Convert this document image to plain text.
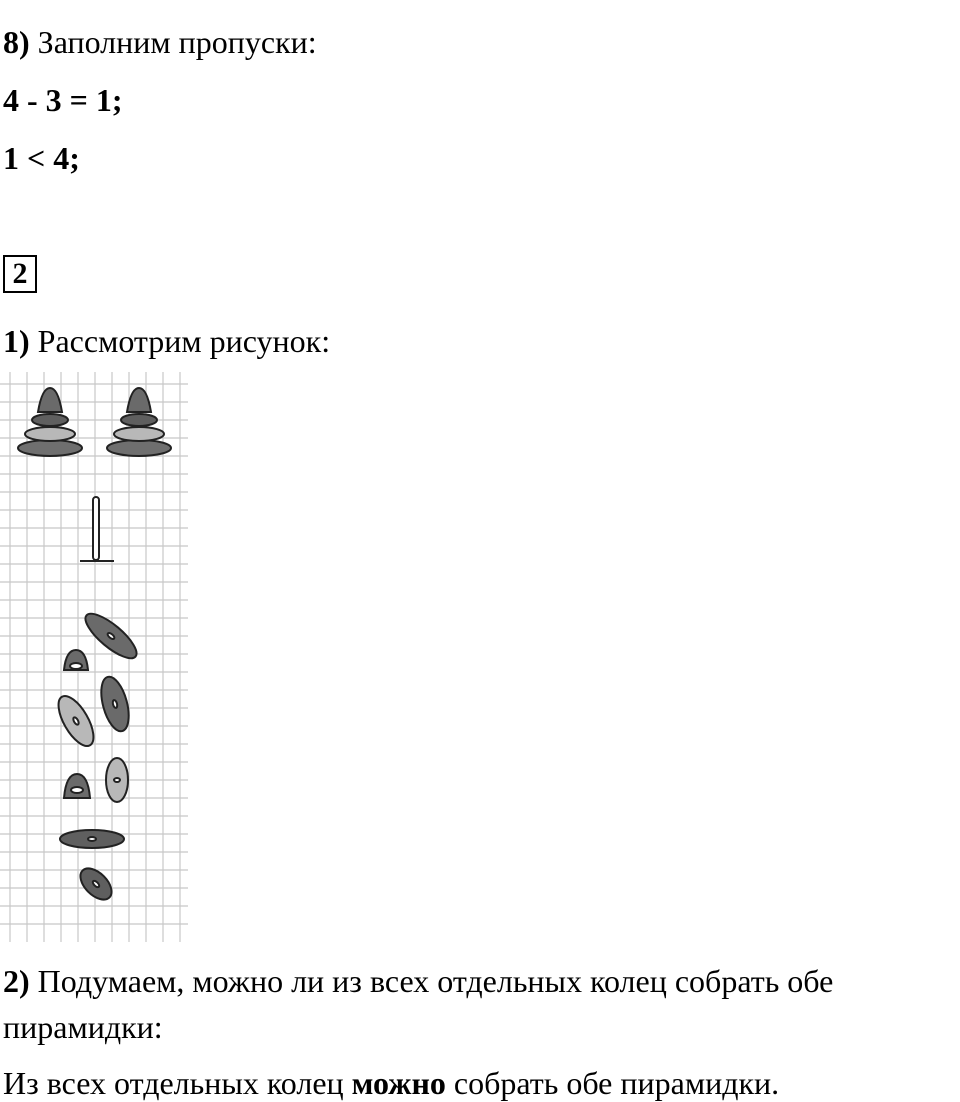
8) Заполним пропуски:
4 - 3 = 1;
1 < 4;
2
1) Рассмотрим рисунок:
2) Подумаем, можно ли из всех отдельных колец собрать обе
пирамидки:
Из всех отдельных колец можно собрать обе пирамидки.
